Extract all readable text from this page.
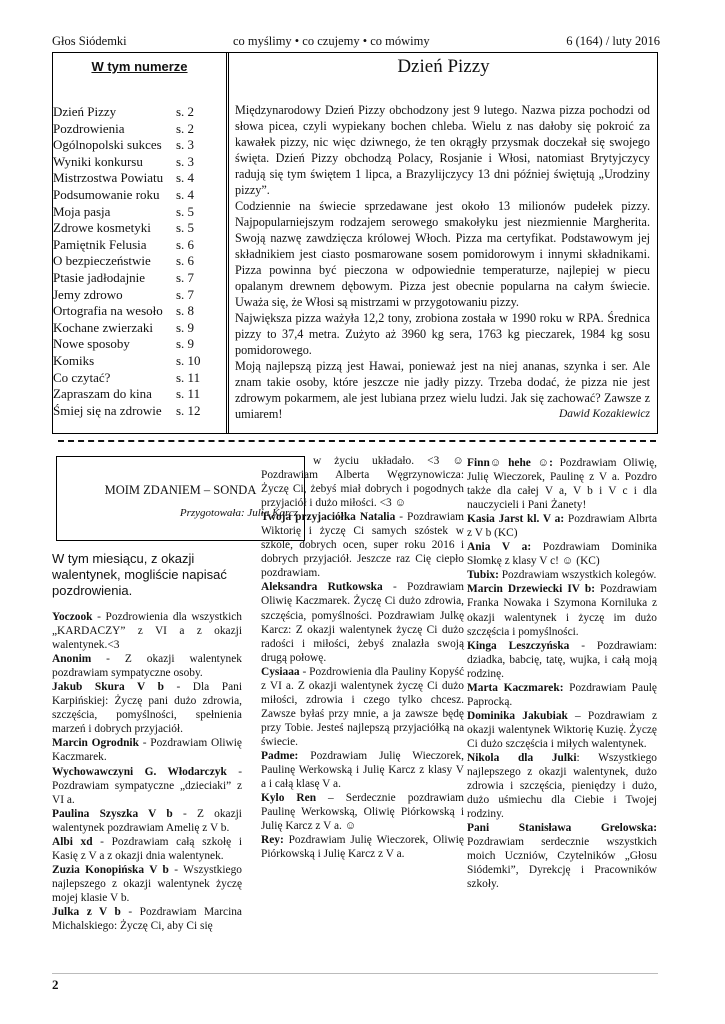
Głos Siódemki	co myślimy • co czujemy • co mówimy	6 (164) / luty 2016
W tym numerze
Dzień Pizzy	s. 2
Pozdrowienia	s. 2
Ogólnopolski sukces s. 3
Wyniki konkursu	s. 3
Mistrzostwa Powiatu s. 4
Podsumowanie roku s. 4
Moja pasja	s. 5
Zdrowe kosmetyki s. 5
Pamiętnik Felusia s. 6
O bezpieczeństwie s. 6
Ptasie jadłodajnie s. 7
Jemy zdrowo	s. 7
Ortografia na wesoło s. 8
Kochane zwierzaki s. 9
Nowe sposoby	s. 9
Komiks	s. 10
Co czytać?	s. 11
Zapraszam do kina s. 11
Śmiej się na zdrowie s. 12
Dzień Pizzy

Międzynarodowy Dzień Pizzy obchodzony jest 9 lutego. Nazwa pizza pochodzi od słowa picea, czyli wypiekany bochen chleba. Wielu z nas dałoby się pokroić za kawałek pizzy, nic więc dziwnego, że ten okrągły przysmak doczekał się swojego święta. Dzień Pizzy obchodzą Polacy, Rosjanie i Włosi, natomiast Brytyjczycy radują się tym świętem 1 lipca, a Brazylijczycy 13 dni później świętują „Urodziny pizzy”.

Codziennie na świecie sprzedawane jest około 13 milionów pudełek pizzy. Najpopularniejszym rodzajem serowego smakołyku jest niezmiennie Margherita. Swoją nazwę zawdzięcza królowej Włoch. Pizza ma certyfikat. Podstawowym jej składnikiem jest ciasto posmarowane sosem pomidorowym i innymi składnikami. Pizza powinna być pieczona w odpowiednie temperaturze, najlepiej w piecu opalanym drewnem dębowym. Pizza jest obecnie popularna na całym świecie. Uważa się, że Włosi są mistrzami w przygotowaniu pizzy.

Największa pizza ważyła 12,2 tony, zrobiona została w 1990 roku w RPA. Średnica pizzy to 37,4 metra. Zużyto aż 3960 kg sera, 1763 kg pieczarek, 1984 kg sosu pomidorowego.

Moją najlepszą pizzą jest Hawai, ponieważ jest na niej ananas, szynka i ser. Ale znam takie osoby, które jeszcze nie jadły pizzy. Trzeba dodać, że pizza nie jest zdrowym pokarmem, ale jest lubiana przez wielu ludzi. Jak się zachować? Zawsze z umiarem!	Dawid Kozakiewicz
MOIM ZDANIEM – SONDA
Przygotowała: Julia Karcz
W tym miesiącu, z okazji walentynek, mogliście napisać pozdrowienia.

Yoczook - Pozdrowienia dla wszystkich „KARDACZY” z VI a z okazji walentynek.<3

Anonim - Z okazji walentynek pozdrawiam sympatyczne osoby.

Jakub Skura V b - Dla Pani Karpińskiej: Życzę pani dużo zdrowia, szczęścia, pomyślności, spełnienia marzeń i dobrych przyjaciół.

Marcin Ogrodnik - Pozdrawiam Oliwię Kaczmarek.

Wychowawczyni G. Włodarczyk - Pozdrawiam sympatyczne „dzieciaki” z VI a.

Paulina Szyszka V b - Z okazji walentynek pozdrawiam Amelię z V b.

Albi xd - Pozdrawiam całą szkołę i Kasię z V a z okazji dnia walentynek.

Zuzia Konopińska V b - Wszystkiego najlepszego z okazji walentynek życzę mojej klasie V b.

Julka z V b - Pozdrawiam Marcina Michalskiego: Życzę Ci, aby Ci się

w życiu układało. <3 ☺ Pozdrawiam Alberta Węgrzynowicza: Życzę Ci, żebyś miał dobrych i pogodnych przyjaciół i dużo miłości. <3 ☺

Twoja przyjaciółka Natalia - Pozdrawiam Wiktorię i życzę Ci samych szóstek w szkole, dobrych ocen, super roku 2016 i dobrych przyjaciół. Jeszcze raz Cię ciepło pozdrawiam.

Aleksandra Rutkowska - Pozdrawiam Oliwię Kaczmarek. Życzę Ci dużo zdrowia, szczęścia, pomyślności. Pozdrawiam Julkę Karcz: Z okazji walentynek życzę Ci dużo radości i miłości, żebyś znalazła swoją drugą połowę.

Cysiaaa - Pozdrowienia dla Pauliny Kopyść z VI a. Z okazji walentynek życzę Ci dużo miłości, zdrowia i czego tylko chcesz. Zawsze byłaś przy mnie, a ja zawsze będę przy Tobie. Jesteś najlepszą przyjaciółką na świecie.

Padme: Pozdrawiam Julię Wieczorek, Paulinę Werkowską i Julię Karcz z klasy V a i całą klasę V a.

Kylo Ren – Serdecznie pozdrawiam Paulinę Werkowską, Oliwię Piórkowską i Julię Karcz z V a. ☺

Rey: Pozdrawiam Julię Wieczorek, Oliwię Piórkowską i Julię Karcz z V a.

Finn☺ hehe ☺: Pozdrawiam Oliwię, Julię Wieczorek, Paulinę z V a. Pozdro także dla całej V a, V b i V c i dla nauczycieli i Pani Żanety!

Kasia Jarst kl. V a: Pozdrawiam Albrta z V b (KC)

Ania V a: Pozdrawiam Dominika Słomkę z klasy V c! ☺ (KC)

Tubix: Pozdrawiam wszystkich kolegów.

Marcin Drzewiecki IV b: Pozdrawiam Franka Nowaka i Szymona Korniluka z okazji walentynek i życzę im dużo szczęścia i pomyślności.

Kinga Leszczyńska - Pozdrawiam: dziadka, babcię, tatę, wujka, i całą moją rodzinę.

Marta Kaczmarek: Pozdrawiam Paulę Paprocką.

Dominika Jakubiak – Pozdrawiam z okazji walentynek Wiktorię Kuzię. Życzę Ci dużo szczęścia i miłych walentynek.

Nikola dla Julki: Wszystkiego najlepszego z okazji walentynek, dużo zdrowia i szczęścia, pieniędzy i dużo, dużo uśmiechu dla Ciebie i Twojej rodziny.

Pani Stanisława Grelowska: Pozdrawiam serdecznie wszystkich moich Uczniów, Czytelników „Głosu Siódemki”, Dyrekcję i Pracowników szkoły.

2
